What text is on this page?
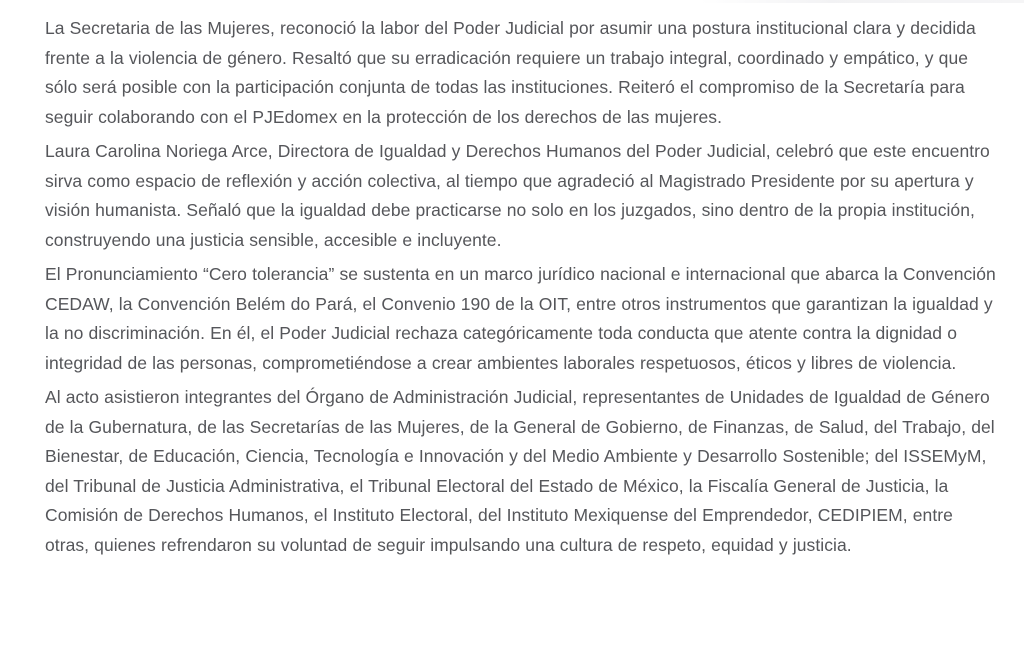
La Secretaria de las Mujeres, reconoció la labor del Poder Judicial por asumir una postura institucional clara y decidida frente a la violencia de género. Resaltó que su erradicación requiere un trabajo integral, coordinado y empático, y que sólo será posible con la participación conjunta de todas las instituciones. Reiteró el compromiso de la Secretaría para seguir colaborando con el PJEdomex en la protección de los derechos de las mujeres.

Laura Carolina Noriega Arce, Directora de Igualdad y Derechos Humanos del Poder Judicial, celebró que este encuentro sirva como espacio de reflexión y acción colectiva, al tiempo que agradeció al Magistrado Presidente por su apertura y visión humanista. Señaló que la igualdad debe practicarse no solo en los juzgados, sino dentro de la propia institución, construyendo una justicia sensible, accesible e incluyente.

El Pronunciamiento “Cero tolerancia” se sustenta en un marco jurídico nacional e internacional que abarca la Convención CEDAW, la Convención Belém do Pará, el Convenio 190 de la OIT, entre otros instrumentos que garantizan la igualdad y la no discriminación. En él, el Poder Judicial rechaza categóricamente toda conducta que atente contra la dignidad o integridad de las personas, comprometiéndose a crear ambientes laborales respetuosos, éticos y libres de violencia.

Al acto asistieron integrantes del Órgano de Administración Judicial, representantes de Unidades de Igualdad de Género de la Gubernatura, de las Secretarías de las Mujeres, de la General de Gobierno, de Finanzas, de Salud, del Trabajo, del Bienestar, de Educación, Ciencia, Tecnología e Innovación y del Medio Ambiente y Desarrollo Sostenible; del ISSEMyM, del Tribunal de Justicia Administrativa, el Tribunal Electoral del Estado de México, la Fiscalía General de Justicia, la Comisión de Derechos Humanos, el Instituto Electoral, del Instituto Mexiquense del Emprendedor, CEDIPIEM, entre otras, quienes refrendaron su voluntad de seguir impulsando una cultura de respeto, equidad y justicia.
